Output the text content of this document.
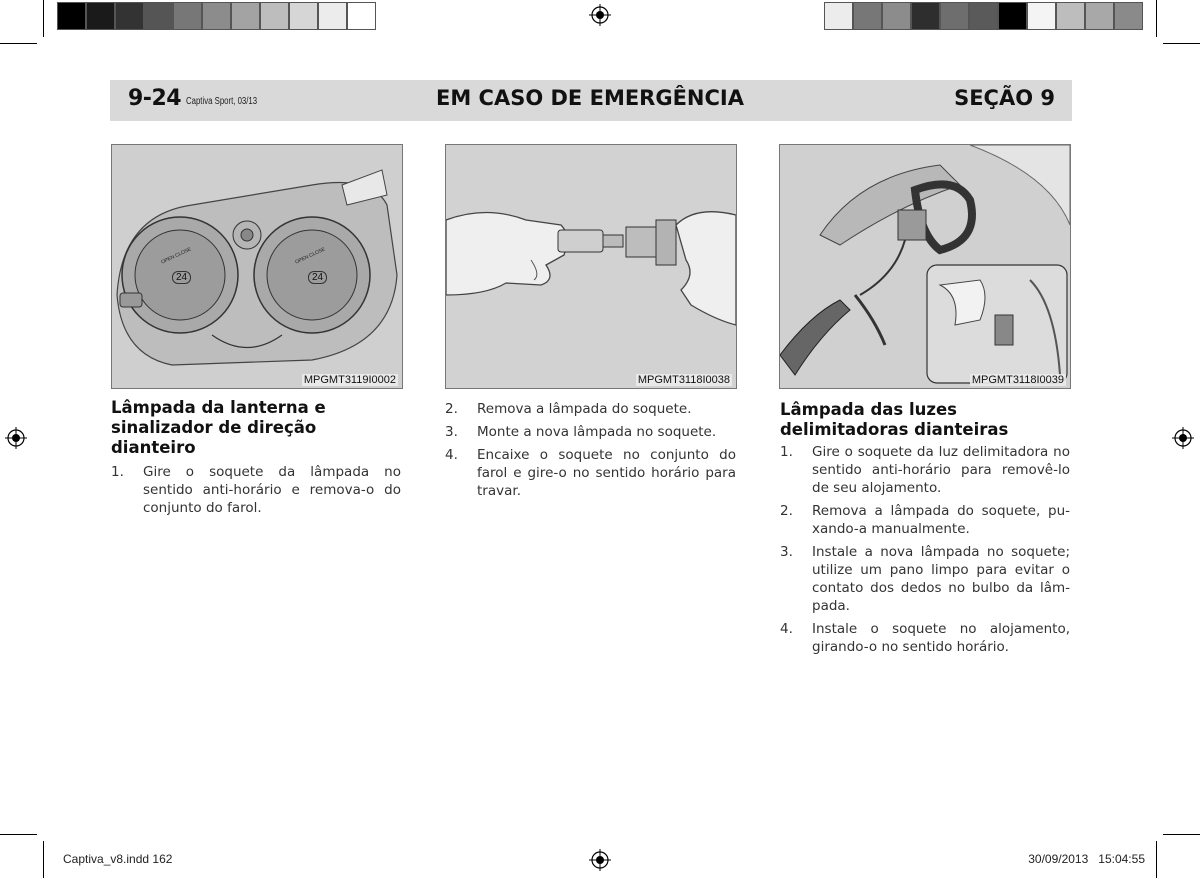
9-24 Captiva Sport, 03/13	EM CASO DE EMERGÊNCIA	SEÇÃO 9
OPEN CLOSE	OPEN CLOSE
24	24
MPGMT3119I0002	MPGMT3118I0038	MPGMT3118I0039
Lâmpada da lanterna e sinalizador de direção dianteiro
1. Gire o soquete da lâmpada no sentido anti-horário e remova-o do conjunto do farol.
2. Remova a lâmpada do soquete.
3. Monte a nova lâmpada no soquete.
4. Encaixe o soquete no conjunto do farol e gire-o no sentido horário para travar.
Lâmpada das luzes delimitadoras dianteiras
1. Gire o soquete da luz delimitadora no sentido anti-horário para removê-lo de seu alojamento.
2. Remova a lâmpada do soquete, pu-xando-a manualmente.
3. Instale a nova lâmpada no soquete; utilize um pano limpo para evitar o contato dos dedos no bulbo da lâm-pada.
4. Instale o soquete no alojamento, girando-o no sentido horário.
Captiva_v8.indd 162	30/09/2013   15:04:55
